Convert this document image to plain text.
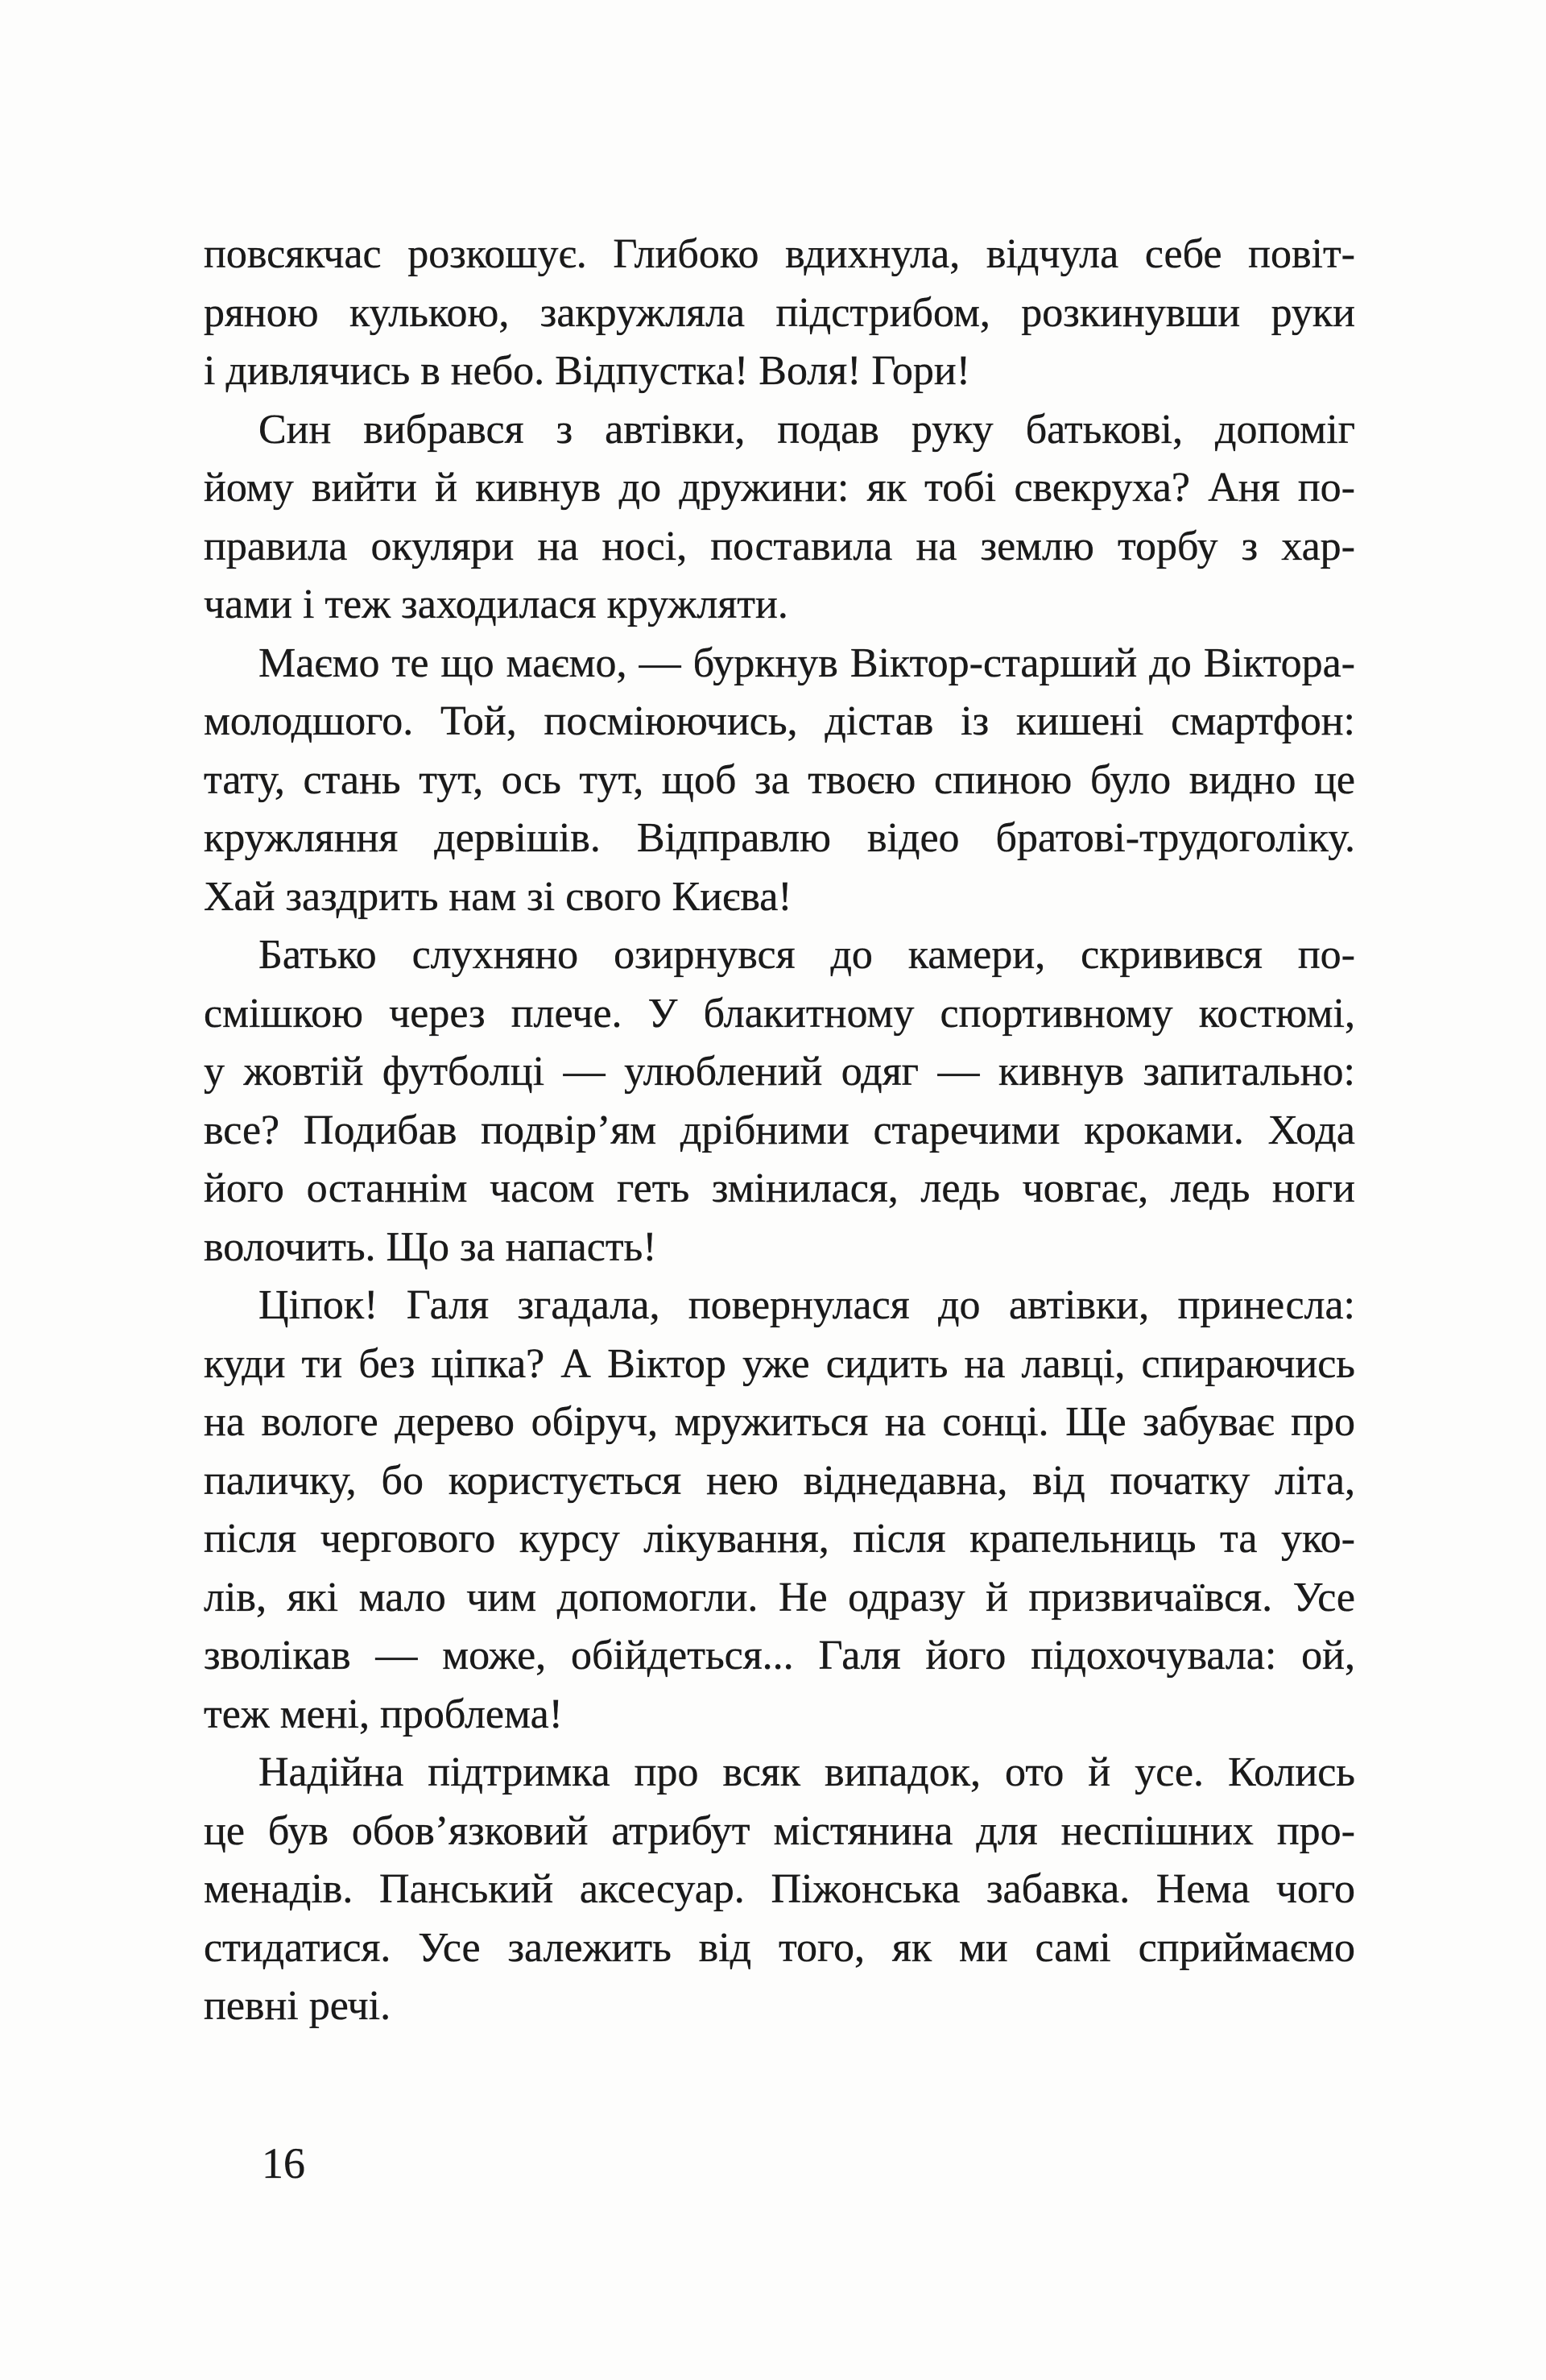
повсякчас розкошує. Глибоко вдихнула, відчула себе повіт-
ряною кулькою, закружляла підстрибом, розкинувши руки
і дивлячись в небо. Відпустка! Воля! Гори!
Син вибрався з автівки, подав руку батькові, допоміг
йому вийти й кивнув до дружини: як тобі свекруха? Аня по-
правила окуляри на носі, поставила на землю торбу з хар-
чами і теж заходилася кружляти.
Маємо те що маємо, — буркнув Віктор-старший до Віктора-
молодшого. Той, посміюючись, дістав із кишені смартфон:
тату, стань тут, ось тут, щоб за твоєю спиною було видно це
кружляння дервішів. Відправлю відео братові-трудоголіку.
Хай заздрить нам зі свого Києва!
Батько слухняно озирнувся до камери, скривився по-
смішкою через плече. У блакитному спортивному костюмі,
у жовтій футболці — улюблений одяг — кивнув запитально:
все? Подибав подвір’ям дрібними старечими кроками. Хода
його останнім часом геть змінилася, ледь човгає, ледь ноги
волочить. Що за напасть!
Ціпок! Галя згадала, повернулася до автівки, принесла:
куди ти без ціпка? А Віктор уже сидить на лавці, спираючись
на вологе дерево обіруч, мружиться на сонці. Ще забуває про
паличку, бо користується нею віднедавна, від початку літа,
після чергового курсу лікування, після крапельниць та уко-
лів, які мало чим допомогли. Не одразу й призвичаївся. Усе
зволікав — може, обійдеться... Галя його підохочувала: ой,
теж мені, проблема!
Надійна підтримка про всяк випадок, ото й усе. Колись
це був обов’язковий атрибут містянина для неспішних про-
менадів. Панський аксесуар. Піжонська забавка. Нема чого
стидатися. Усе залежить від того, як ми самі сприймаємо
певні речі.
16
